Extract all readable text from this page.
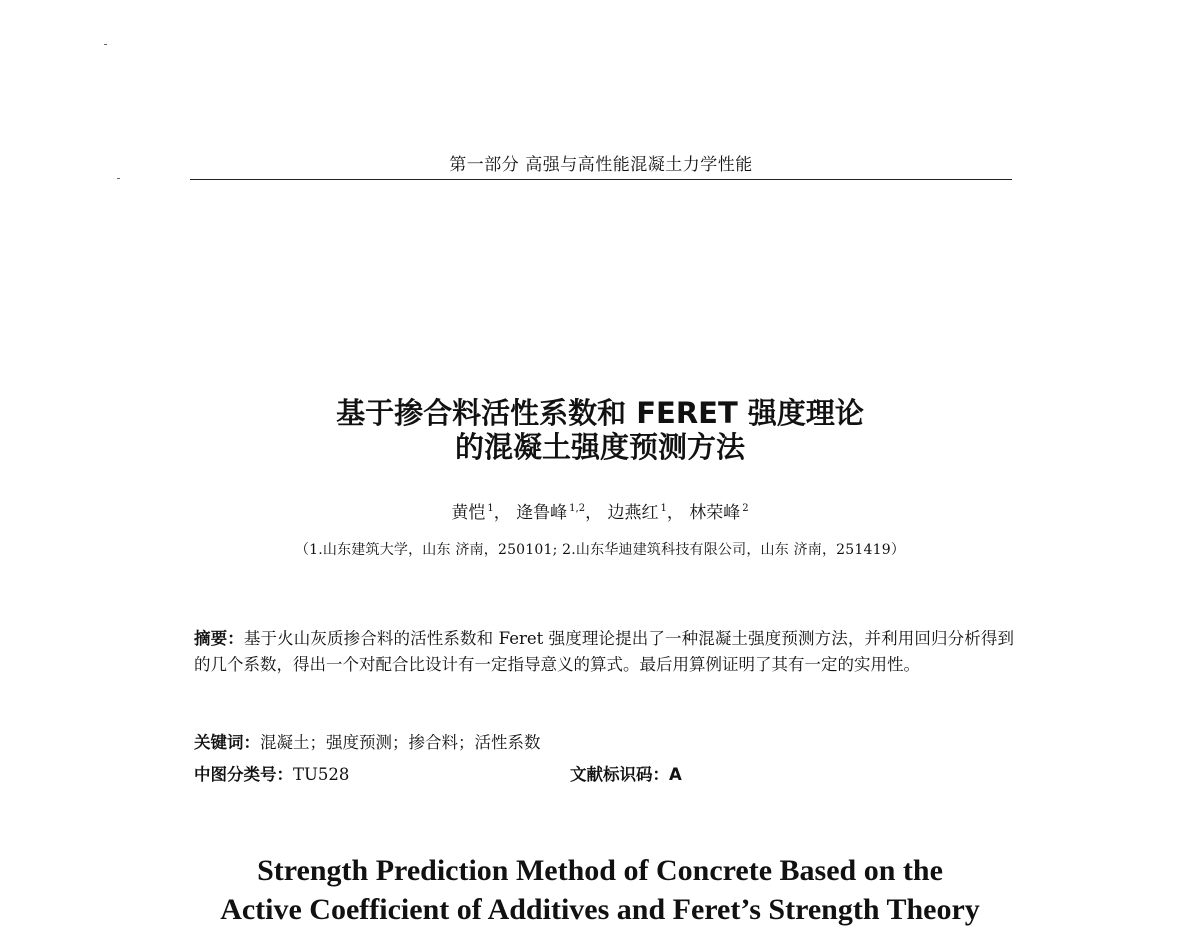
第一部分 高强与高性能混凝土力学性能
基于掺合料活性系数和 FERET 强度理论
的混凝土强度预测方法
黄恺 $^1$， 逄鲁峰 $^{1,2}$， 边燕红 $^1$， 林荣峰 $^2$
（1.山东建筑大学，山东 济南，250101; 2.山东华迪建筑科技有限公司，山东 济南，251419）
摘要：基于火山灰质掺合料的活性系数和 Feret 强度理论提出了一种混凝土强度预测方法，并利用回归分析得到的几个系数，得出一个对配合比设计有一定指导意义的算式。最后用算例证明了其有一定的实用性。
关键词：混凝土；强度预测；掺合料；活性系数
中图分类号：TU528	文献标识码：A
Strength Prediction Method of Concrete Based on the
Active Coefficient of Additives and Feret’s Strength Theory
